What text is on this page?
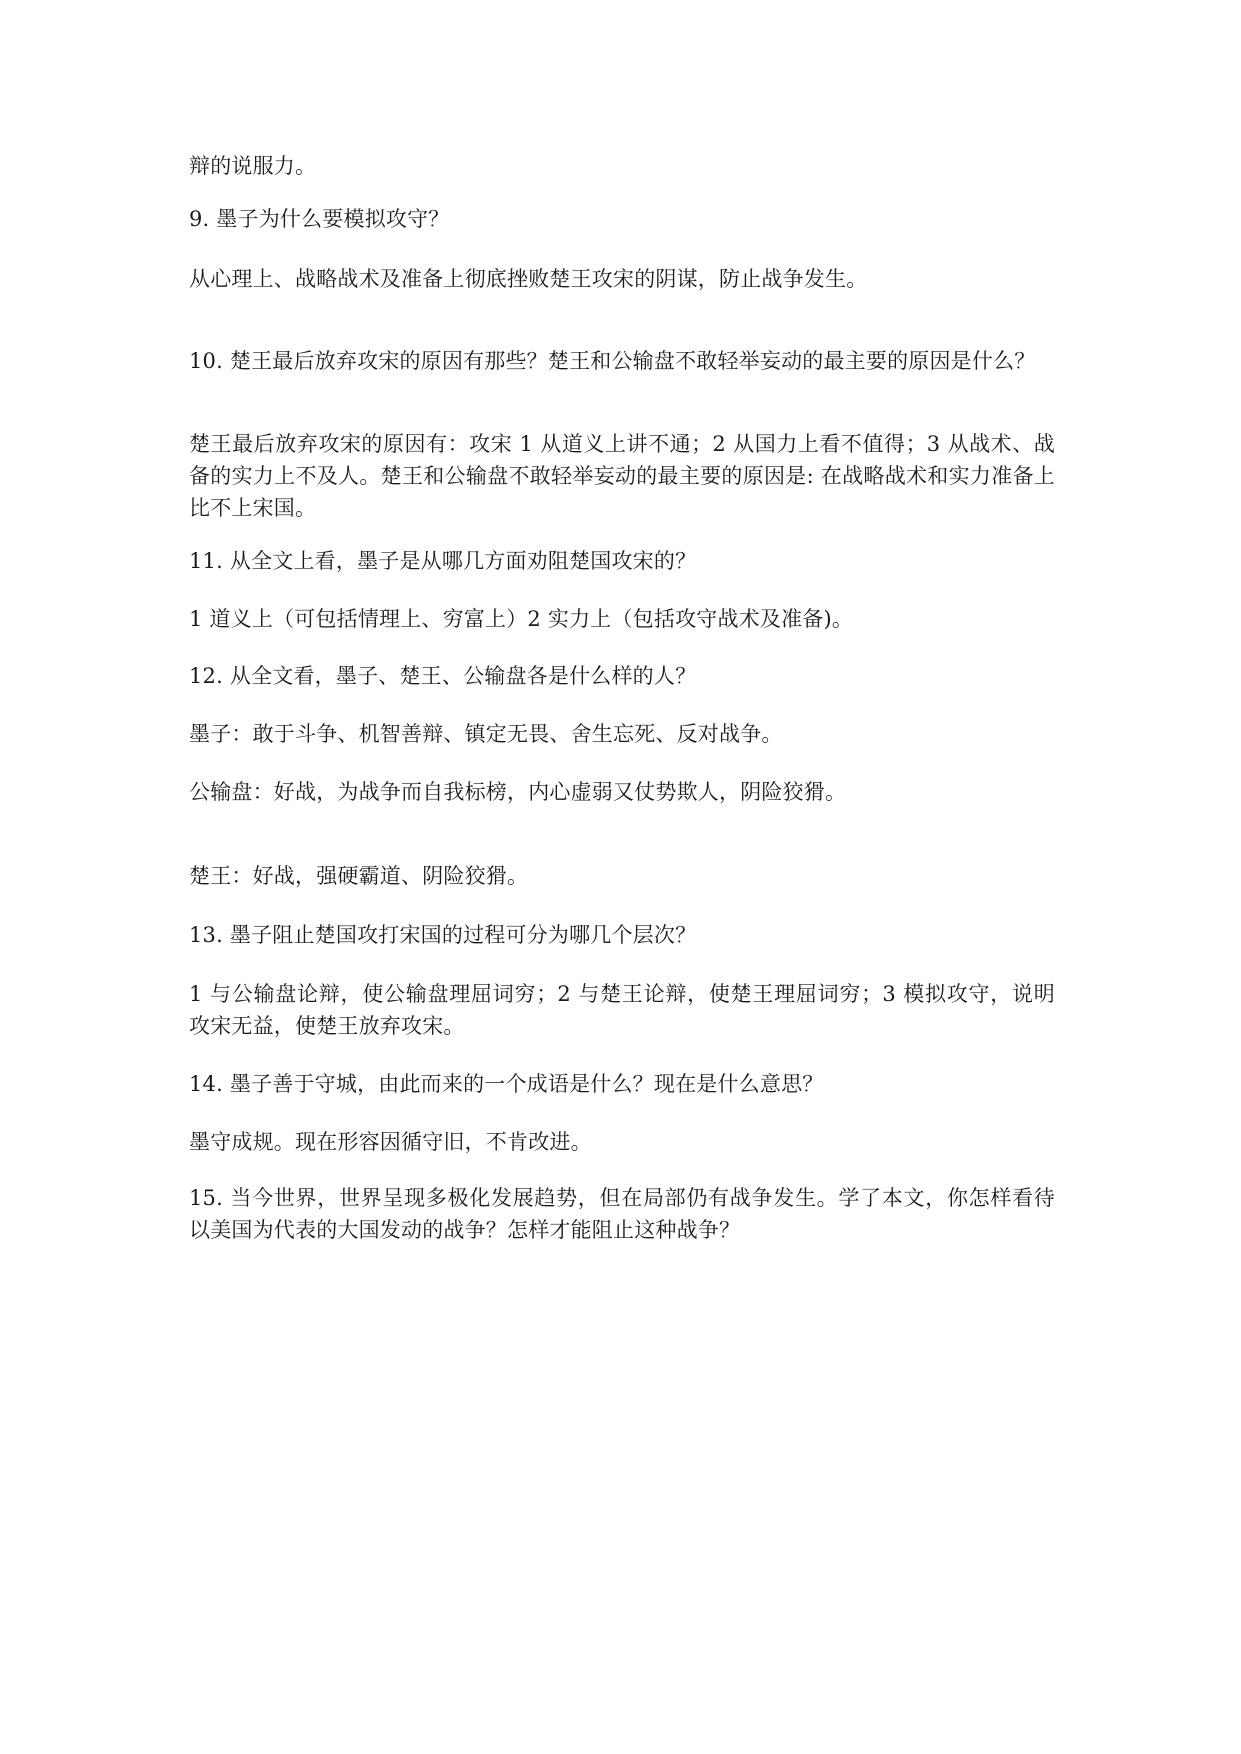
辩的说服力。
9. 墨子为什么要模拟攻守？
从心理上、战略战术及准备上彻底挫败楚王攻宋的阴谋，防止战争发生。
10. 楚王最后放弃攻宋的原因有那些？楚王和公输盘不敢轻举妄动的最主要的原因是什么？
楚王最后放弃攻宋的原因有：攻宋 1 从道义上讲不通；2 从国力上看不值得；3 从战术、战备的实力上不及人。楚王和公输盘不敢轻举妄动的最主要的原因是: 在战略战术和实力准备上比不上宋国。
11. 从全文上看，墨子是从哪几方面劝阻楚国攻宋的？
1 道义上（可包括情理上、穷富上）2 实力上（包括攻守战术及准备)。
12. 从全文看，墨子、楚王、公输盘各是什么样的人？
墨子：敢于斗争、机智善辩、镇定无畏、舍生忘死、反对战争。
公输盘：好战，为战争而自我标榜，内心虚弱又仗势欺人，阴险狡猾。
楚王：好战，强硬霸道、阴险狡猾。
13. 墨子阻止楚国攻打宋国的过程可分为哪几个层次？
1 与公输盘论辩，使公输盘理屈词穷；2 与楚王论辩，使楚王理屈词穷；3 模拟攻守，说明攻宋无益，使楚王放弃攻宋。
14. 墨子善于守城，由此而来的一个成语是什么？现在是什么意思？
墨守成规。现在形容因循守旧，不肯改进。
15. 当今世界，世界呈现多极化发展趋势，但在局部仍有战争发生。学了本文，你怎样看待以美国为代表的大国发动的战争？怎样才能阻止这种战争？
